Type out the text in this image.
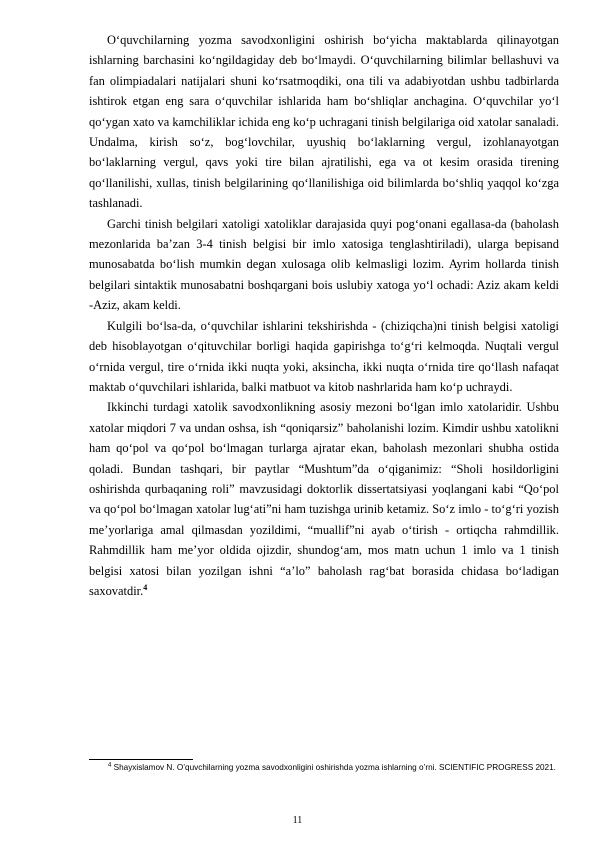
O‘quvchilarning yozma savodxonligini oshirish bo‘yicha maktablarda qilinayotgan ishlarning barchasini ko‘ngildagiday deb bo‘lmaydi. O‘quvchilarning bilimlar bellashuvi va fan olimpiadalari natijalari shuni ko‘rsatmoqdiki, ona tili va adabiyotdan ushbu tadbirlarda ishtirok etgan eng sara o‘quvchilar ishlarida ham bo‘shliqlar anchagina. O‘quvchilar yo‘l qo‘ygan xato va kamchiliklar ichida eng ko‘p uchragani tinish belgilariga oid xatolar sanaladi. Undalma, kirish so‘z, bog‘lovchilar, uyushiq bo‘laklarning vergul, izohlanayotgan bo‘laklarning vergul, qavs yoki tire bilan ajratilishi, ega va ot kesim orasida tirening qo‘llanilishi, xullas, tinish belgilarining qo‘llanilishiga oid bilimlarda bo‘shliq yaqqol ko‘zga tashlanadi.

Garchi tinish belgilari xatoligi xatoliklar darajasida quyi pog‘onani egallasa-da (baholash mezonlarida ba’zan 3-4 tinish belgisi bir imlo xatosiga tenglashtiriladi), ularga bepisand munosabatda bo‘lish mumkin degan xulosaga olib kelmasligi lozim. Ayrim hollarda tinish belgilari sintaktik munosabatni boshqargani bois uslubiy xatoga yo‘l ochadi: Aziz akam keldi -Aziz, akam keldi.

Kulgili bo‘lsa-da, o‘quvchilar ishlarini tekshirishda - (chiziqcha)ni tinish belgisi xatoligi deb hisoblayotgan o‘qituvchilar borligi haqida gapirishga to‘g‘ri kelmoqda. Nuqtali vergul o‘rnida vergul, tire o‘rnida ikki nuqta yoki, aksincha, ikki nuqta o‘rnida tire qo‘llash nafaqat maktab o‘quvchilari ishlarida, balki matbuot va kitob nashrlarida ham ko‘p uchraydi.

Ikkinchi turdagi xatolik savodxonlikning asosiy mezoni bo‘lgan imlo xatolaridir. Ushbu xatolar miqdori 7 va undan oshsa, ish “qoniqarsiz” baholanishi lozim. Kimdir ushbu xatolikni ham qo‘pol va qo‘pol bo‘lmagan turlarga ajratar ekan, baholash mezonlari shubha ostida qoladi. Bundan tashqari, bir paytlar “Mushtum”da o‘qiganimiz: “Sholi hosildorligini oshirishda qurbaqaning roli” mavzusidagi doktorlik dissertatsiyasi yoqlangani kabi “Qo‘pol va qo‘pol bo‘lmagan xatolar lug‘ati”ni ham tuzishga urinib ketamiz. So‘z imlo - to‘g‘ri yozish me’yorlariga amal qilmasdan yozildimi, “muallif”ni ayab o‘tirish - ortiqcha rahmdillik. Rahmdillik ham me’yor oldida ojizdir, shundog‘am, mos matn uchun 1 imlo va 1 tinish belgisi xatosi bilan yozilgan ishni “a’lo” baholash rag‘bat borasida chidasa bo‘ladigan saxovatdir.$^4$

$^4$ Shayxislamov N. O’quvchilarning yozma savodxonligini oshirishda yozma ishlarning o’rni. SCIENTIFIC PROGRESS 2021.
11
